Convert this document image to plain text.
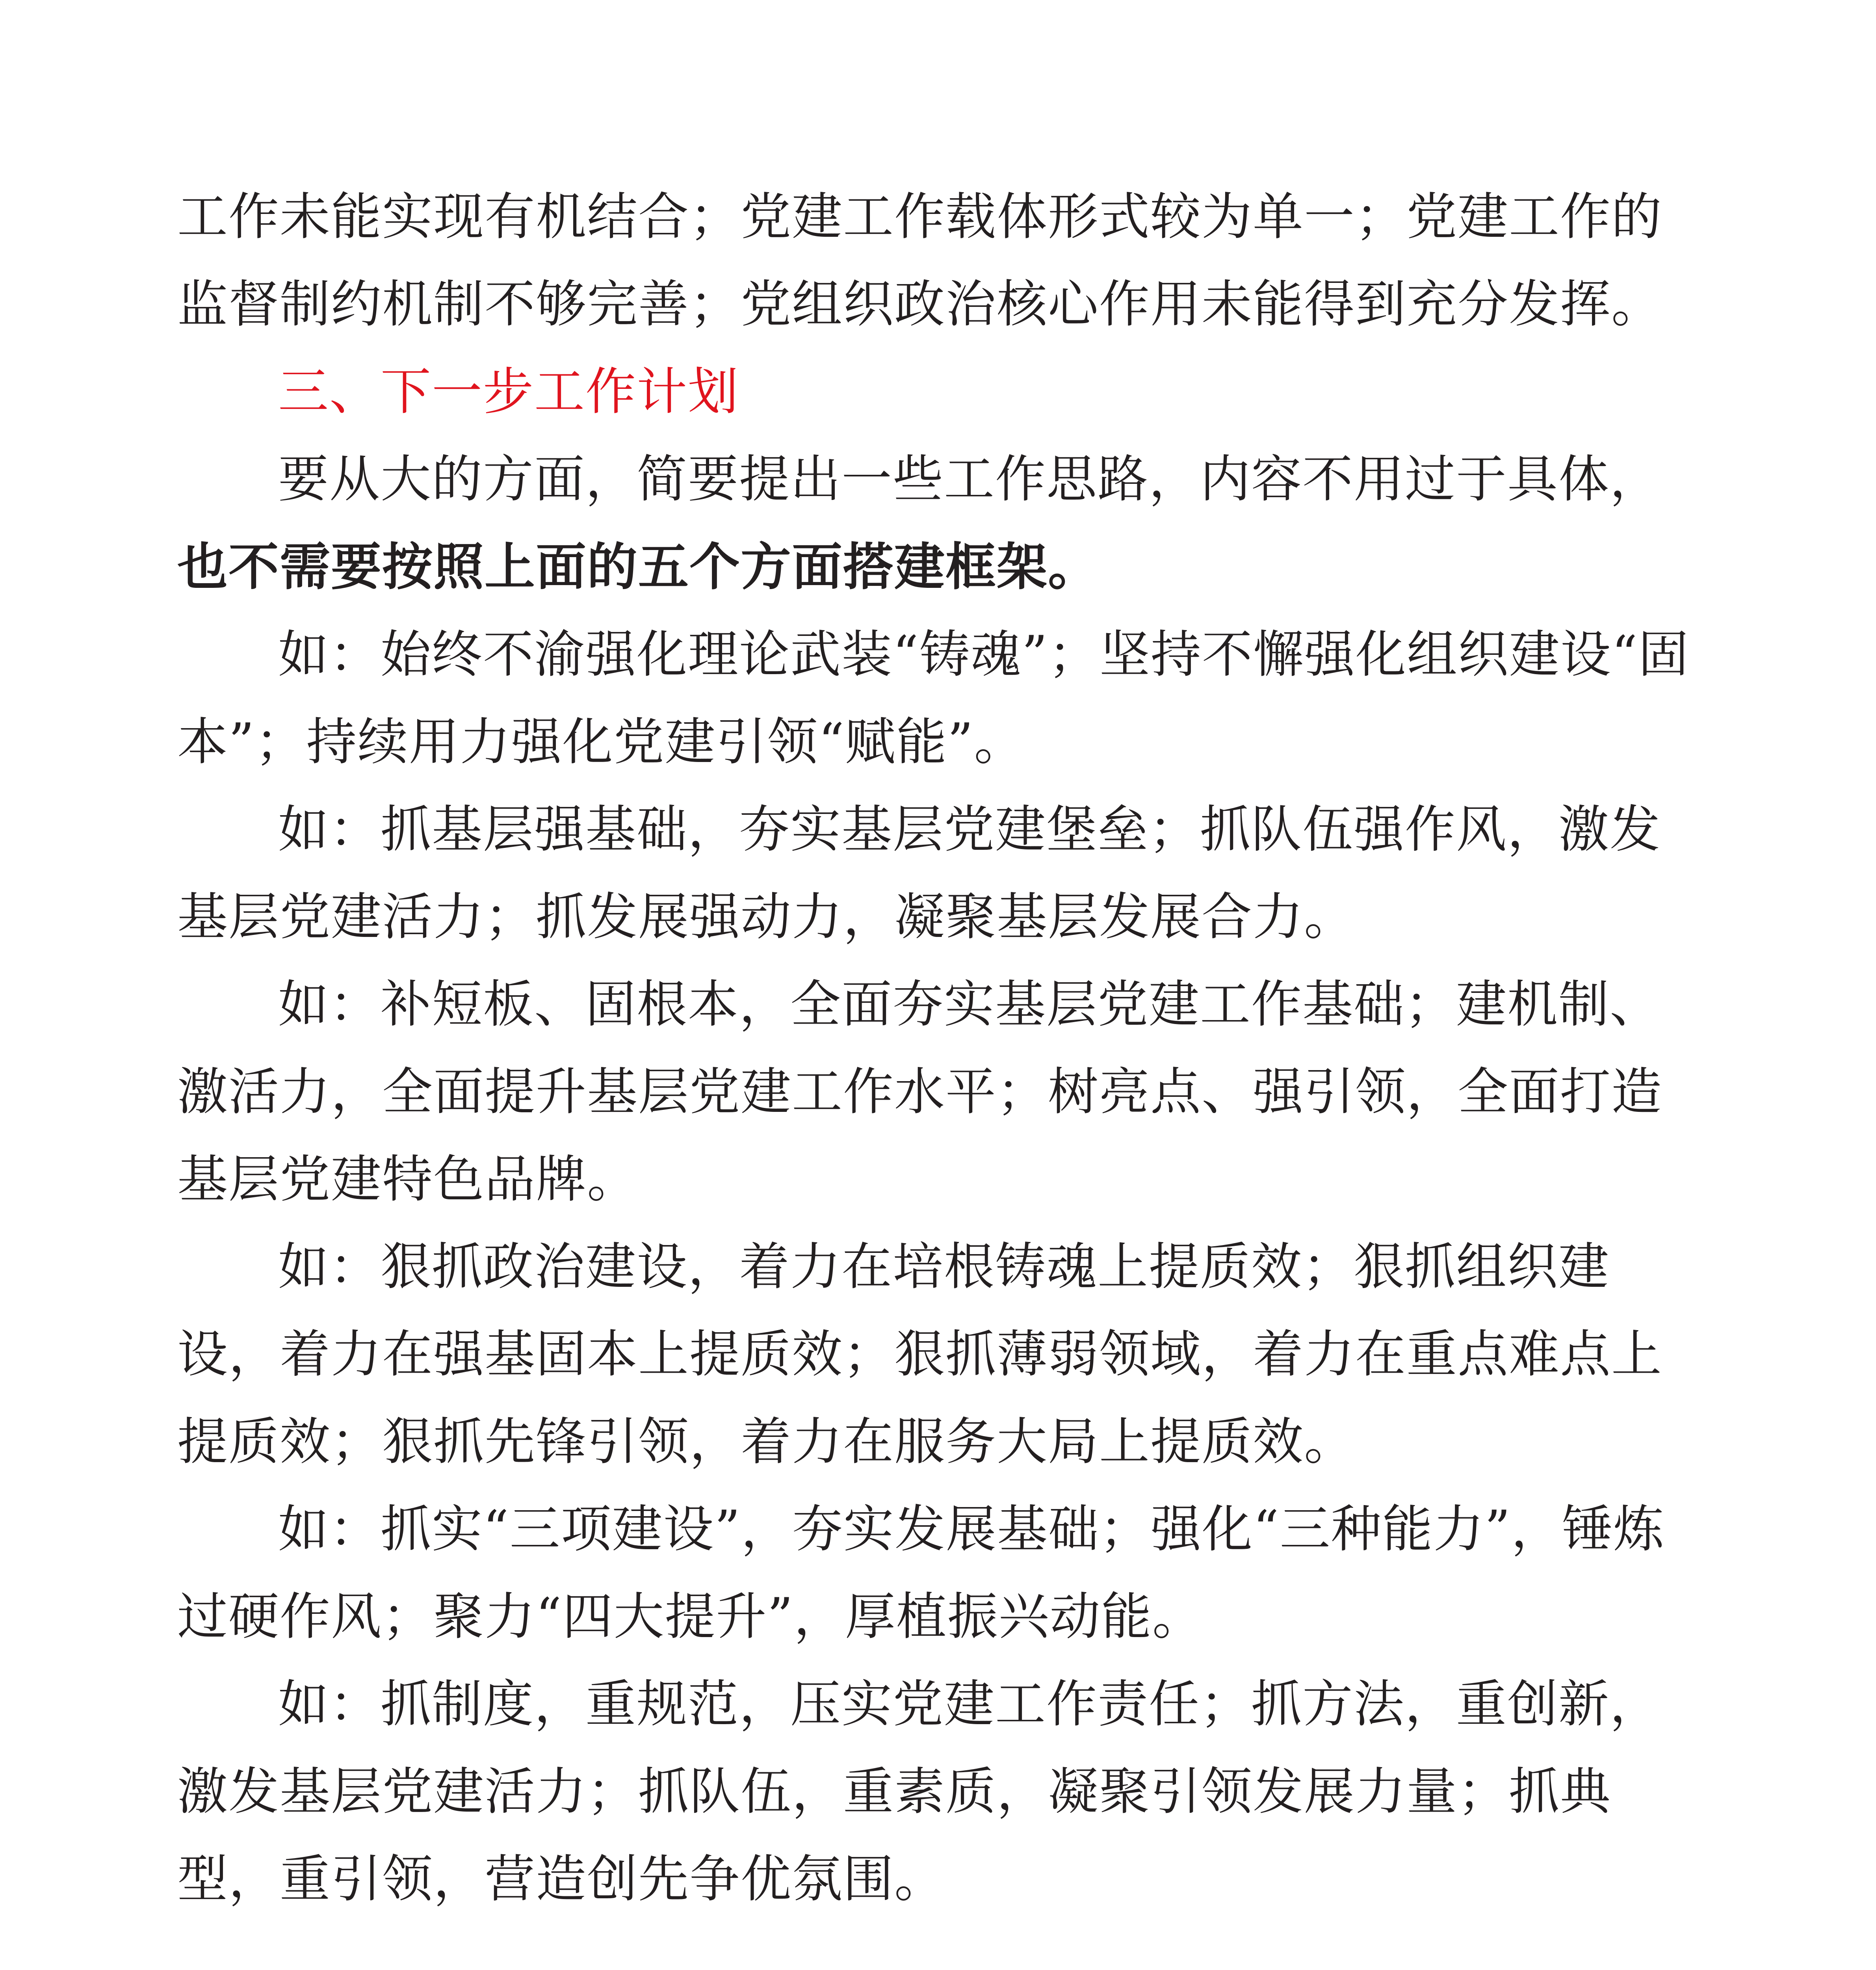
工作未能实现有机结合；党建工作载体形式较为单一；党建工作的监督制约机制不够完善；党组织政治核心作用未能得到充分发挥。

三、下一步工作计划

要从大的方面，简要提出一些工作思路，内容不用过于具体，也不需要按照上面的五个方面搭建框架。

如：始终不渝强化理论武装“铸魂”；坚持不懈强化组织建设“固本”；持续用力强化党建引领“赋能”。

如：抓基层强基础，夯实基层党建堡垒；抓队伍强作风，激发基层党建活力；抓发展强动力，凝聚基层发展合力。

如：补短板、固根本，全面夯实基层党建工作基础；建机制、激活力，全面提升基层党建工作水平；树亮点、强引领，全面打造基层党建特色品牌。

如：狠抓政治建设，着力在培根铸魂上提质效；狠抓组织建设，着力在强基固本上提质效；狠抓薄弱领域，着力在重点难点上提质效；狠抓先锋引领，着力在服务大局上提质效。

如：抓实“三项建设”，夯实发展基础；强化“三种能力”，锤炼过硬作风；聚力“四大提升”，厚植振兴动能。

如：抓制度，重规范，压实党建工作责任；抓方法，重创新，激发基层党建活力；抓队伍，重素质，凝聚引领发展力量；抓典型，重引领，营造创先争优氛围。
